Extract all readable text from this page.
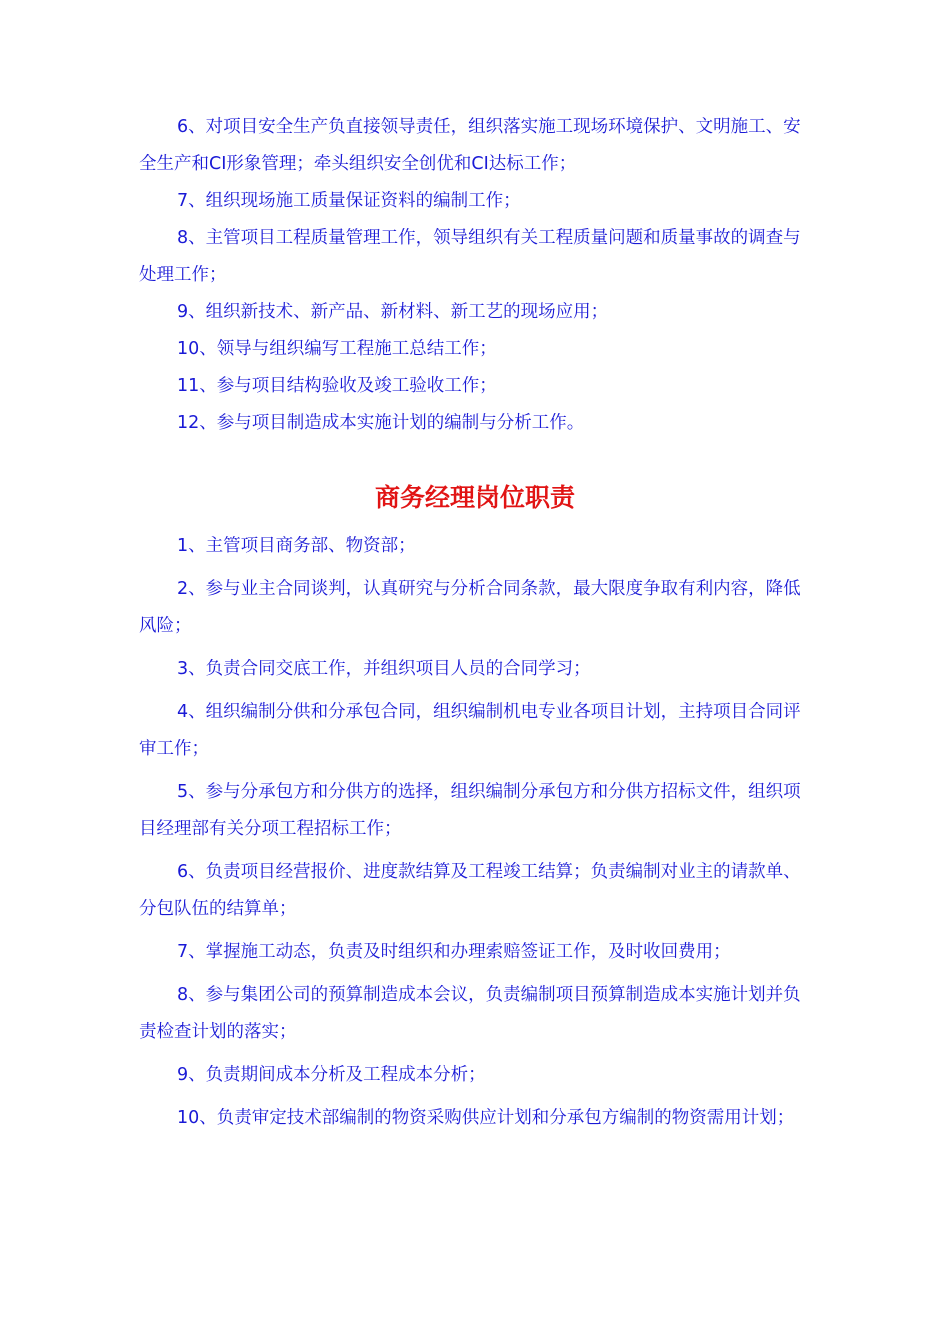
6、对项目安全生产负直接领导责任，组织落实施工现场环境保护、文明施工、安全生产和CI形象管理；牵头组织安全创优和CI达标工作；

7、组织现场施工质量保证资料的编制工作；

8、主管项目工程质量管理工作，领导组织有关工程质量问题和质量事故的调查与处理工作；

9、组织新技术、新产品、新材料、新工艺的现场应用；

10、领导与组织编写工程施工总结工作；

11、参与项目结构验收及竣工验收工作；

12、参与项目制造成本实施计划的编制与分析工作。

商务经理岗位职责

1、主管项目商务部、物资部；

2、参与业主合同谈判，认真研究与分析合同条款，最大限度争取有利内容，降低风险；

3、负责合同交底工作，并组织项目人员的合同学习；

4、组织编制分供和分承包合同，组织编制机电专业各项目计划，主持项目合同评审工作；

5、参与分承包方和分供方的选择，组织编制分承包方和分供方招标文件，组织项目经理部有关分项工程招标工作；

6、负责项目经营报价、进度款结算及工程竣工结算；负责编制对业主的请款单、分包队伍的结算单；

7、掌握施工动态，负责及时组织和办理索赔签证工作，及时收回费用；

8、参与集团公司的预算制造成本会议，负责编制项目预算制造成本实施计划并负责检查计划的落实；

9、负责期间成本分析及工程成本分析；

10、负责审定技术部编制的物资采购供应计划和分承包方编制的物资需用计划；
